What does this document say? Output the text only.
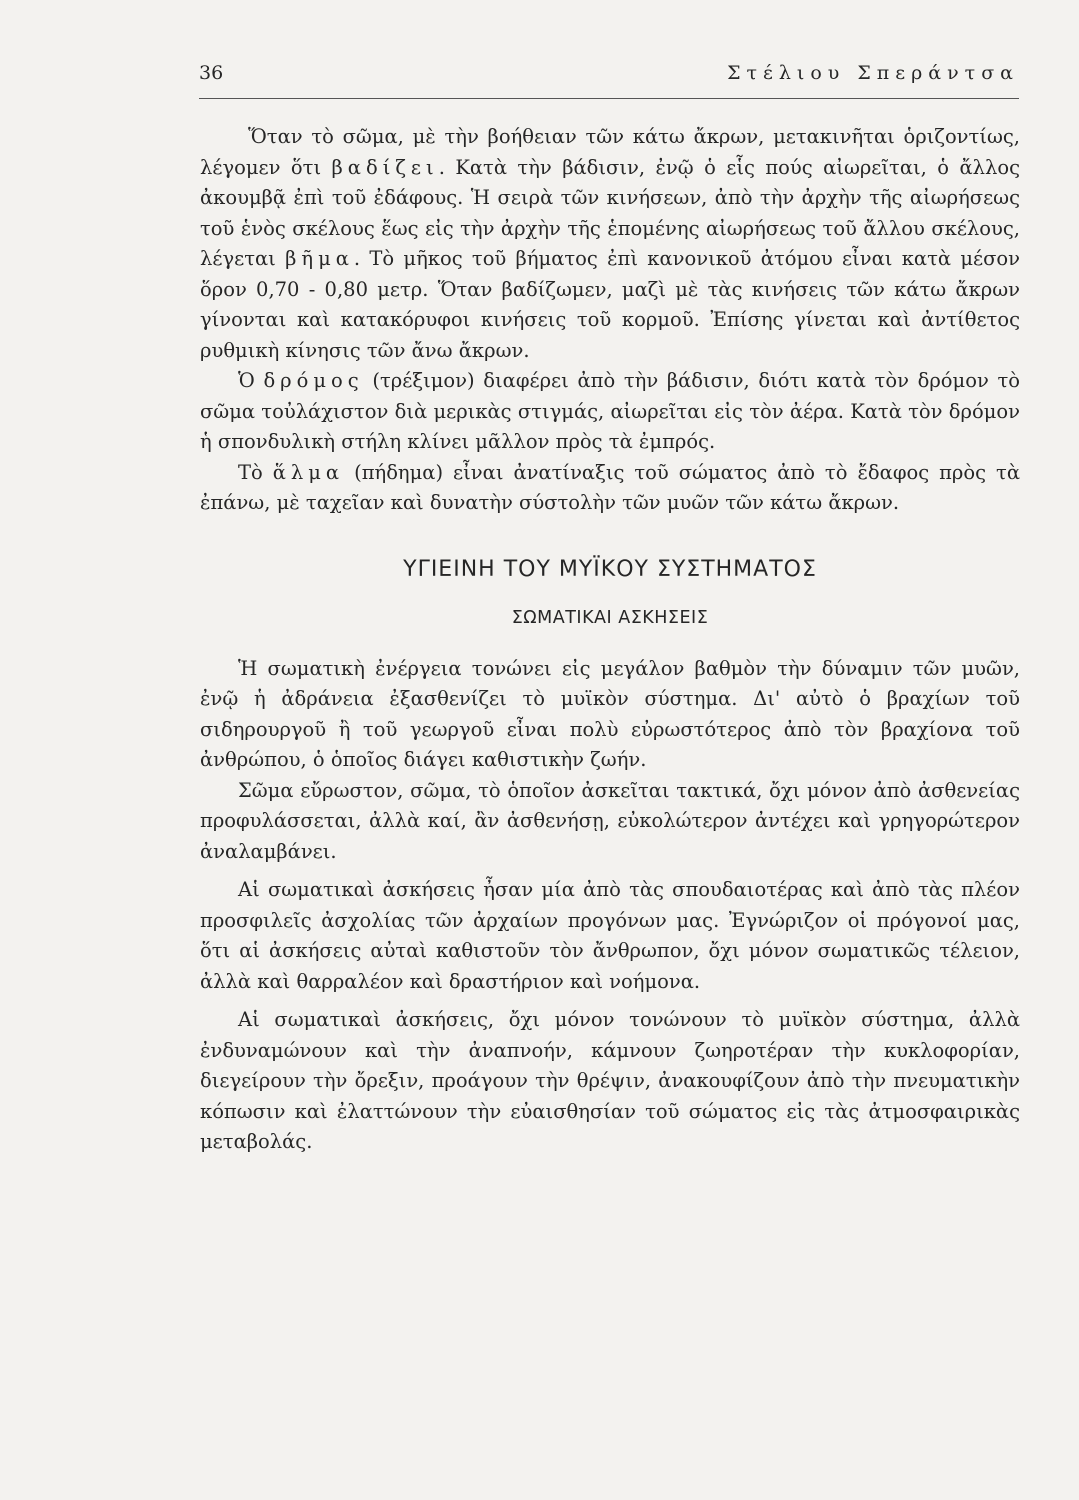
36	Στέλιου Σπεράντσα

Ὅταν τὸ σῶμα, μὲ τὴν βοήθειαν τῶν κάτω ἄκρων, μετακινῆται ὁριζοντίως, λέγομεν ὅτι βαδίζει. Κατὰ τὴν βάδισιν, ἐνῷ ὁ εἷς πούς αἰωρεῖται, ὁ ἄλλος ἀκουμβᾷ ἐπὶ τοῦ ἐδάφους. Ἡ σειρὰ τῶν κινήσεων, ἀπὸ τὴν ἀρχὴν τῆς αἰωρήσεως τοῦ ἑνὸς σκέλους ἕως εἰς τὴν ἀρχὴν τῆς ἑπομένης αἰωρήσεως τοῦ ἄλλου σκέλους, λέγεται βῆμα. Τὸ μῆκος τοῦ βήματος ἐπὶ κανονικοῦ ἀτόμου εἶναι κατὰ μέσον ὅρον 0,70 - 0,80 μετρ. Ὅταν βαδίζωμεν, μαζὶ μὲ τὰς κινήσεις τῶν κάτω ἄκρων γίνονται καὶ κατακόρυφοι κινήσεις τοῦ κορμοῦ. Ἐπίσης γίνεται καὶ ἀντίθετος ρυθμικὴ κίνησις τῶν ἄνω ἄκρων.

Ὁ δρόμος (τρέξιμον) διαφέρει ἀπὸ τὴν βάδισιν, διότι κατὰ τὸν δρόμον τὸ σῶμα τοὐλάχιστον διὰ μερικὰς στιγμάς, αἰωρεῖται εἰς τὸν ἀέρα. Κατὰ τὸν δρόμον ἡ σπονδυλικὴ στήλη κλίνει μᾶλλον πρὸς τὰ ἐμπρός.

Τὸ ἅλμα (πήδημα) εἶναι ἀνατίναξις τοῦ σώματος ἀπὸ τὸ ἔδαφος πρὸς τὰ ἐπάνω, μὲ ταχεῖαν καὶ δυνατὴν σύστολὴν τῶν μυῶν τῶν κάτω ἄκρων.

ΥΓΙΕΙΝΗ ΤΟΥ ΜΥΪΚΟΥ ΣΥΣΤΗΜΑΤΟΣ
ΣΩΜΑΤΙΚΑΙ ΑΣΚΗΣΕΙΣ

Ἡ σωματικὴ ἐνέργεια τονώνει εἰς μεγάλον βαθμὸν τὴν δύναμιν τῶν μυῶν, ἐνῷ ἡ ἀδράνεια ἐξασθενίζει τὸ μυϊκὸν σύστημα. Δι' αὐτὸ ὁ βραχίων τοῦ σιδηρουργοῦ ἢ τοῦ γεωργοῦ εἶναι πολὺ εὐρωστότερος ἀπὸ τὸν βραχίονα τοῦ ἀνθρώπου, ὁ ὁποῖος διάγει καθιστικὴν ζωήν.

Σῶμα εὔρωστον, σῶμα, τὸ ὁποῖον ἀσκεῖται τακτικά, ὄχι μόνον ἀπὸ ἀσθενείας προφυλάσσεται, ἀλλὰ καί, ἂν ἀσθενήσῃ, εὐκολώτερον ἀντέχει καὶ γρηγορώτερον ἀναλαμβάνει.

Αἱ σωματικαὶ ἀσκήσεις ἦσαν μία ἀπὸ τὰς σπουδαιοτέρας καὶ ἀπὸ τὰς πλέον προσφιλεῖς ἀσχολίας τῶν ἀρχαίων προγόνων μας. Ἐγνώριζον οἱ πρόγονοί μας, ὅτι αἱ ἀσκήσεις αὐταὶ καθιστοῦν τὸν ἄνθρωπον, ὄχι μόνον σωματικῶς τέλειον, ἀλλὰ καὶ θαρραλέον καὶ δραστήριον καὶ νοήμονα.

Αἱ σωματικαὶ ἀσκήσεις, ὄχι μόνον τονώνουν τὸ μυϊκὸν σύστημα, ἀλλὰ ἐνδυναμώνουν καὶ τὴν ἀναπνοήν, κάμνουν ζωηροτέραν τὴν κυκλοφορίαν, διεγείρουν τὴν ὄρεξιν, προάγουν τὴν θρέψιν, ἀνακουφίζουν ἀπὸ τὴν πνευματικὴν κόπωσιν καὶ ἐλαττώνουν τὴν εὐαισθησίαν τοῦ σώματος εἰς τὰς ἀτμοσφαιρικὰς μεταβολάς.
